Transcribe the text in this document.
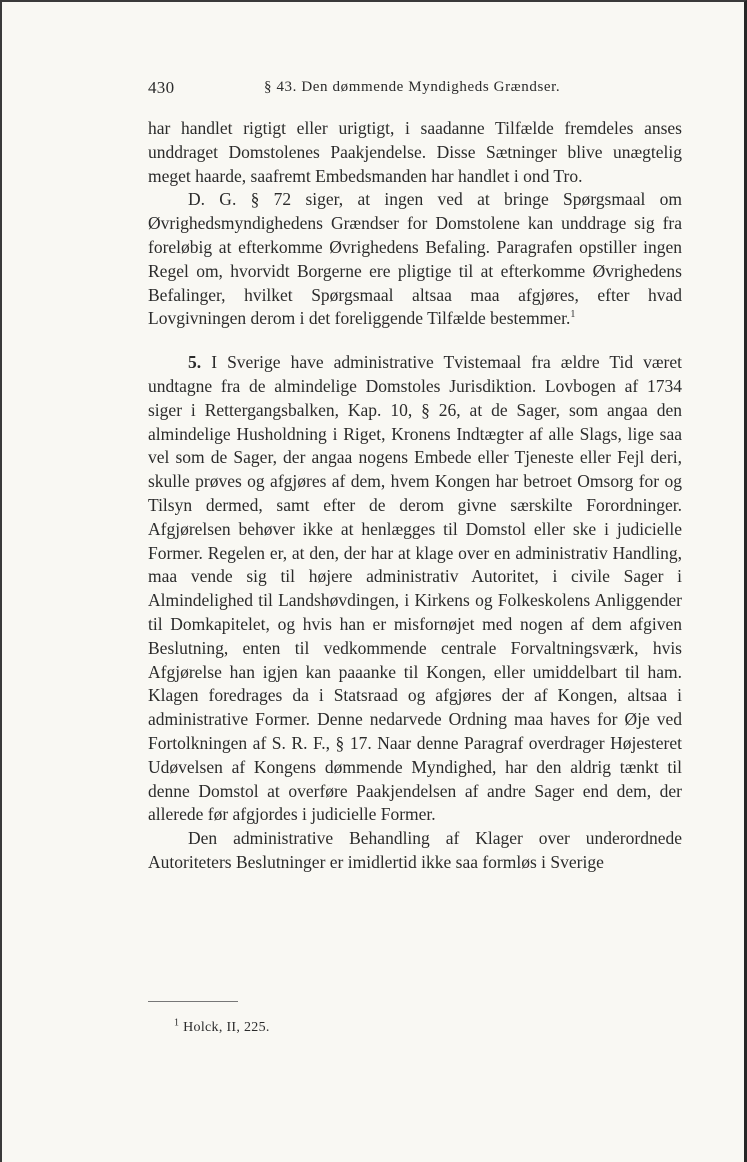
430	§ 43. Den dømmende Myndigheds Grændser.

har handlet rigtigt eller urigtigt, i saadanne Tilfælde fremdeles anses unddraget Domstolenes Paakjendelse. Disse Sætninger blive unægtelig meget haarde, saafremt Embedsmanden har handlet i ond Tro.

D. G. § 72 siger, at ingen ved at bringe Spørgsmaal om Øvrighedsmyndighedens Grændser for Domstolene kan unddrage sig fra foreløbig at efterkomme Øvrighedens Befaling. Paragrafen opstiller ingen Regel om, hvorvidt Borgerne ere pligtige til at efterkomme Øvrighedens Befalinger, hvilket Spørgsmaal altsaa maa afgjøres, efter hvad Lovgivningen derom i det foreliggende Tilfælde bestemmer.$^1$

5. I Sverige have administrative Tvistemaal fra ældre Tid været undtagne fra de almindelige Domstoles Jurisdiktion. Lovbogen af 1734 siger i Rettergangsbalken, Kap. 10, § 26, at de Sager, som angaa den almindelige Husholdning i Riget, Kronens Indtægter af alle Slags, lige saa vel som de Sager, der angaa nogens Embede eller Tjeneste eller Fejl deri, skulle prøves og afgjøres af dem, hvem Kongen har betroet Omsorg for og Tilsyn dermed, samt efter de derom givne særskilte Forordninger. Afgjørelsen behøver ikke at henlægges til Domstol eller ske i judicielle Former. Regelen er, at den, der har at klage over en administrativ Handling, maa vende sig til højere administrativ Autoritet, i civile Sager i Almindelighed til Landshøvdingen, i Kirkens og Folkeskolens Anliggender til Domkapitelet, og hvis han er misfornøjet med nogen af dem afgiven Beslutning, enten til vedkommende centrale Forvaltningsværk, hvis Afgjørelse han igjen kan paaanke til Kongen, eller umiddelbart til ham. Klagen foredrages da i Statsraad og afgjøres der af Kongen, altsaa i administrative Former. Denne nedarvede Ordning maa haves for Øje ved Fortolkningen af S. R. F., § 17. Naar denne Paragraf overdrager Højesteret Udøvelsen af Kongens dømmende Myndighed, har den aldrig tænkt til denne Domstol at overføre Paakjendelsen af andre Sager end dem, der allerede før afgjordes i judicielle Former.

Den administrative Behandling af Klager over underordnede Autoriteters Beslutninger er imidlertid ikke saa formløs i Sverige

$^1$ Holck, II, 225.
